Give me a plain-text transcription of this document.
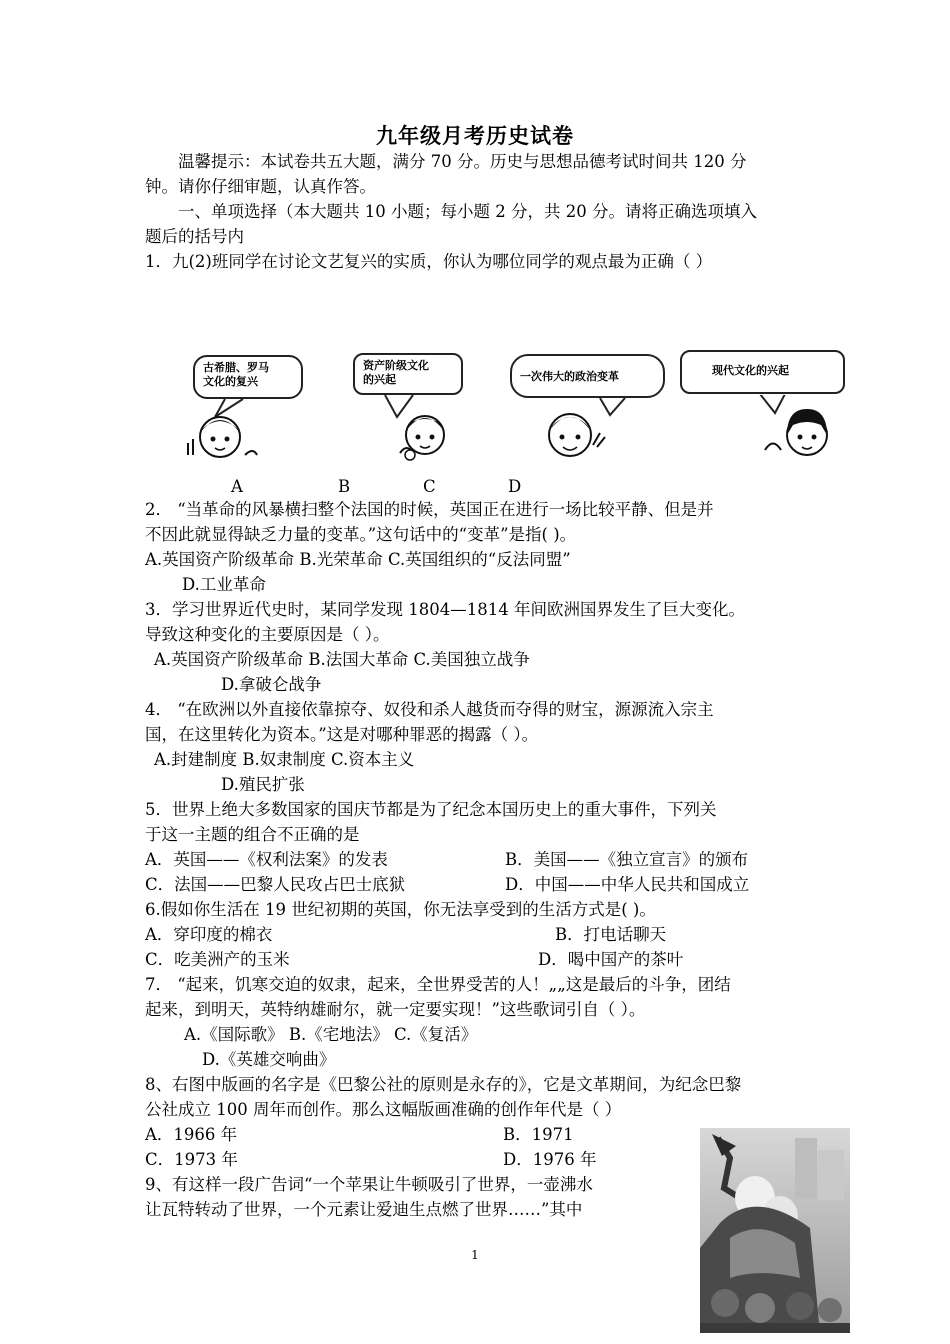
九年级月考历史试卷
温馨提示：本试卷共五大题，满分 70 分。历史与思想品德考试时间共 120 分
钟。请你仔细审题，认真作答。
一、单项选择（本大题共 10 小题；每小题 2 分，共 20 分。请将正确选项填入
题后的括号内
1．九(2)班同学在讨论文艺复兴的实质，你认为哪位同学的观点最为正确（ ）
古希腊、罗马
文化的复兴
资产阶级文化
的兴起	一次伟大的政治变革	现代文化的兴起
A	B	C	D
2． “当革命的风暴横扫整个法国的时候，英国正在进行一场比较平静、但是并
不因此就显得缺乏力量的变革。”这句话中的“变革”是指( )。
A.英国资产阶级革命 B.光荣革命 C.英国组织的“反法同盟”
D.工业革命
3．学习世界近代史时，某同学发现 1804—1814 年间欧洲国界发生了巨大变化。
导致这种变化的主要原因是（ ）。
A.英国资产阶级革命 B.法国大革命 C.美国独立战争
D.拿破仑战争
4． “在欧洲以外直接依靠掠夺、奴役和杀人越货而夺得的财宝，源源流入宗主
国，在这里转化为资本。”这是对哪种罪恶的揭露（ ）。
A.封建制度 B.奴隶制度 C.资本主义
D.殖民扩张
5．世界上绝大多数国家的国庆节都是为了纪念本国历史上的重大事件，下列关
于这一主题的组合不正确的是
A．英国——《权利法案》的发表	B．美国——《独立宣言》的颁布
C．法国——巴黎人民攻占巴士底狱	D．中国——中华人民共和国成立
6.假如你生活在 19 世纪初期的英国，你无法享受到的生活方式是( )。
A．穿印度的棉衣	B．打电话聊天
C．吃美洲产的玉米	D．喝中国产的茶叶
7． “起来，饥寒交迫的奴隶，起来，全世界受苦的人！„„这是最后的斗争，团结
起来，到明天，英特纳雄耐尔，就一定要实现！”这些歌词引自（ ）。
A.《国际歌》 B.《宅地法》 C.《复活》
D.《英雄交响曲》
8、右图中版画的名字是《巴黎公社的原则是永存的》，它是文革期间，为纪念巴黎
公社成立 100 周年而创作。那么这幅版画准确的创作年代是（ ）
A．1966 年	B．1971
C．1973 年	D．1976 年
9、有这样一段广告词“一个苹果让牛顿吸引了世界，一壶沸水
让瓦特转动了世界，一个元素让爱迪生点燃了世界……”其中
1
